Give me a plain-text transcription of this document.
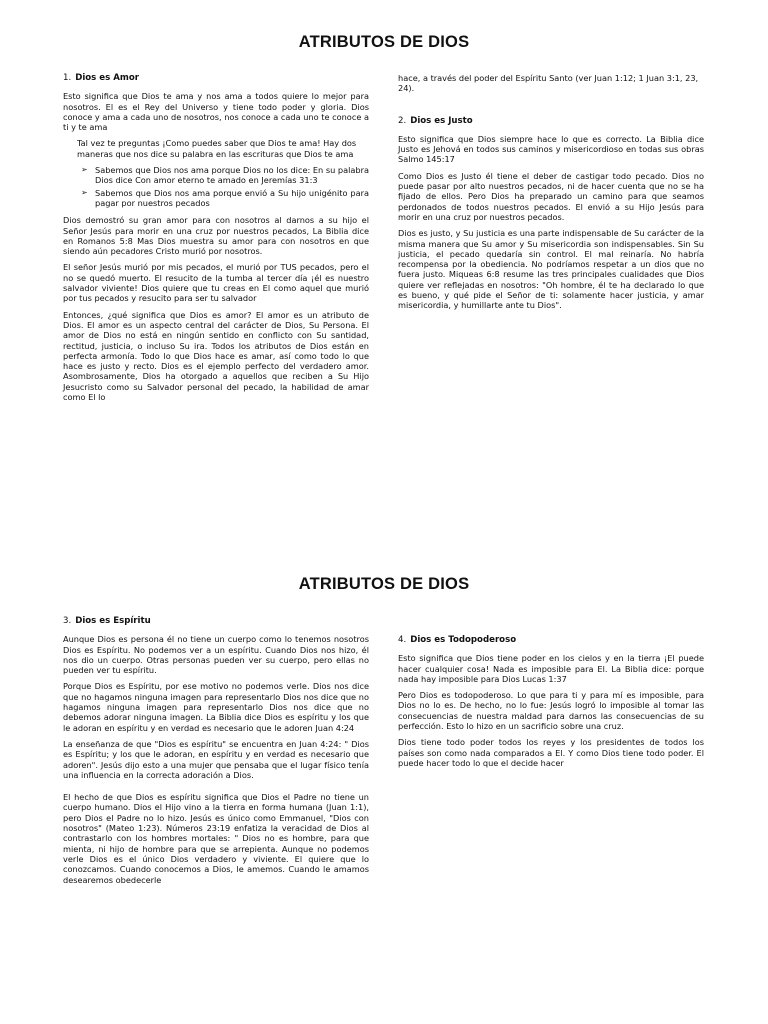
ATRIBUTOS DE DIOS
1. Dios es Amor

Esto significa que Dios te ama y nos ama a todos quiere lo mejor para nosotros. El es el Rey del Universo y tiene todo poder y gloria. Dios conoce y ama a cada uno de nosotros, nos conoce a cada uno te conoce a ti y te ama

Tal vez te preguntas ¡Como puedes saber que Dios te ama! Hay dos maneras que nos dice su palabra en las escrituras que Dios te ama

➢ Sabemos que Dios nos ama porque Dios no los dice: En su palabra Dios dice Con amor eterno te amado en Jeremías 31:3
➢ Sabemos que Dios nos ama porque envió a Su hijo unigénito para pagar por nuestros pecados

Dios demostró su gran amor para con nosotros al darnos a su hijo el Señor Jesús para morir en una cruz por nuestros pecados, La Biblia dice en Romanos 5:8 Mas Dios muestra su amor para con nosotros en que siendo aún pecadores Cristo murió por nosotros.

El señor Jesús murió por mis pecados, el murió por TUS pecados, pero el no se quedó muerto. El resucito de la tumba al tercer día ¡él es nuestro salvador viviente! Dios quiere que tu creas en El como aquel que murió por tus pecados y resucito para ser tu salvador

Entonces, ¿qué significa que Dios es amor? El amor es un atributo de Dios. El amor es un aspecto central del carácter de Dios, Su Persona. El amor de Dios no está en ningún sentido en conflicto con Su santidad, rectitud, justicia, o incluso Su ira. Todos los atributos de Dios están en perfecta armonía. Todo lo que Dios hace es amar, así como todo lo que hace es justo y recto. Dios es el ejemplo perfecto del verdadero amor. Asombrosamente, Dios ha otorgado a aquellos que reciben a Su Hijo Jesucristo como su Salvador personal del pecado, la habilidad de amar como El lo

hace, a través del poder del Espíritu Santo (ver Juan 1:12; 1 Juan 3:1, 23, 24).

2. Dios es Justo

Esto significa que Dios siempre hace lo que es correcto. La Biblia dice Justo es Jehová en todos sus caminos y misericordioso en todas sus obras Salmo 145:17

Como Dios es Justo él tiene el deber de castigar todo pecado. Dios no puede pasar por alto nuestros pecados, ni de hacer cuenta que no se ha fijado de ellos. Pero Dios ha preparado un camino para que seamos perdonados de todos nuestros pecados. El envió a su Hijo Jesús para morir en una cruz por nuestros pecados.

Dios es justo, y Su justicia es una parte indispensable de Su carácter de la misma manera que Su amor y Su misericordia son indispensables. Sin Su justicia, el pecado quedaría sin control. El mal reinaría. No habría recompensa por la obediencia. No podríamos respetar a un dios que no fuera justo. Miqueas 6:8 resume las tres principales cualidades que Dios quiere ver reflejadas en nosotros: "Oh hombre, él te ha declarado lo que es bueno, y qué pide el Señor de ti: solamente hacer justicia, y amar misericordia, y humillarte ante tu Dios".

ATRIBUTOS DE DIOS
3. Dios es Espíritu

Aunque Dios es persona él no tiene un cuerpo como lo tenemos nosotros Dios es Espíritu. No podemos ver a un espíritu. Cuando Dios nos hizo, él nos dio un cuerpo. Otras personas pueden ver su cuerpo, pero ellas no pueden ver tu espíritu.

Porque Dios es Espíritu, por ese motivo no podemos verle. Dios nos dice que no hagamos ninguna imagen para representarlo Dios nos dice que no hagamos ninguna imagen para representarlo Dios nos dice que no debemos adorar ninguna imagen. La Biblia dice Dios es espíritu y los que le adoran en espíritu y en verdad es necesario que le adoren Juan 4:24

La enseñanza de que "Dios es espíritu" se encuentra en Juan 4:24: " Dios es Espíritu; y los que le adoran, en espíritu y en verdad es necesario que adoren". Jesús dijo esto a una mujer que pensaba que el lugar físico tenía una influencia en la correcta adoración a Dios.

El hecho de que Dios es espíritu significa que Dios el Padre no tiene un cuerpo humano. Dios el Hijo vino a la tierra en forma humana (Juan 1:1), pero Dios el Padre no lo hizo. Jesús es único como Emmanuel, "Dios con nosotros" (Mateo 1:23). Números 23:19 enfatiza la veracidad de Dios al contrastarlo con los hombres mortales: " Dios no es hombre, para que mienta, ni hijo de hombre para que se arrepienta. Aunque no podemos verle Dios es el único Dios verdadero y viviente. El quiere que lo conozcamos. Cuando conocemos a Dios, le amemos. Cuando le amamos desearemos obedecerle

4. Dios es Todopoderoso

Esto significa que Dios tiene poder en los cielos y en la tierra ¡El puede hacer cualquier cosa! Nada es imposible para El. La Biblia dice: porque nada hay imposible para Dios Lucas 1:37

Pero Dios es todopoderoso. Lo que para ti y para mí es imposible, para Dios no lo es. De hecho, no lo fue: Jesús logró lo imposible al tomar las consecuencias de nuestra maldad para darnos las consecuencias de su perfección. Esto lo hizo en un sacrificio sobre una cruz.

Dios tiene todo poder todos los reyes y los presidentes de todos los países son como nada comparados a El. Y como Dios tiene todo poder. El puede hacer todo lo que el decide hacer
